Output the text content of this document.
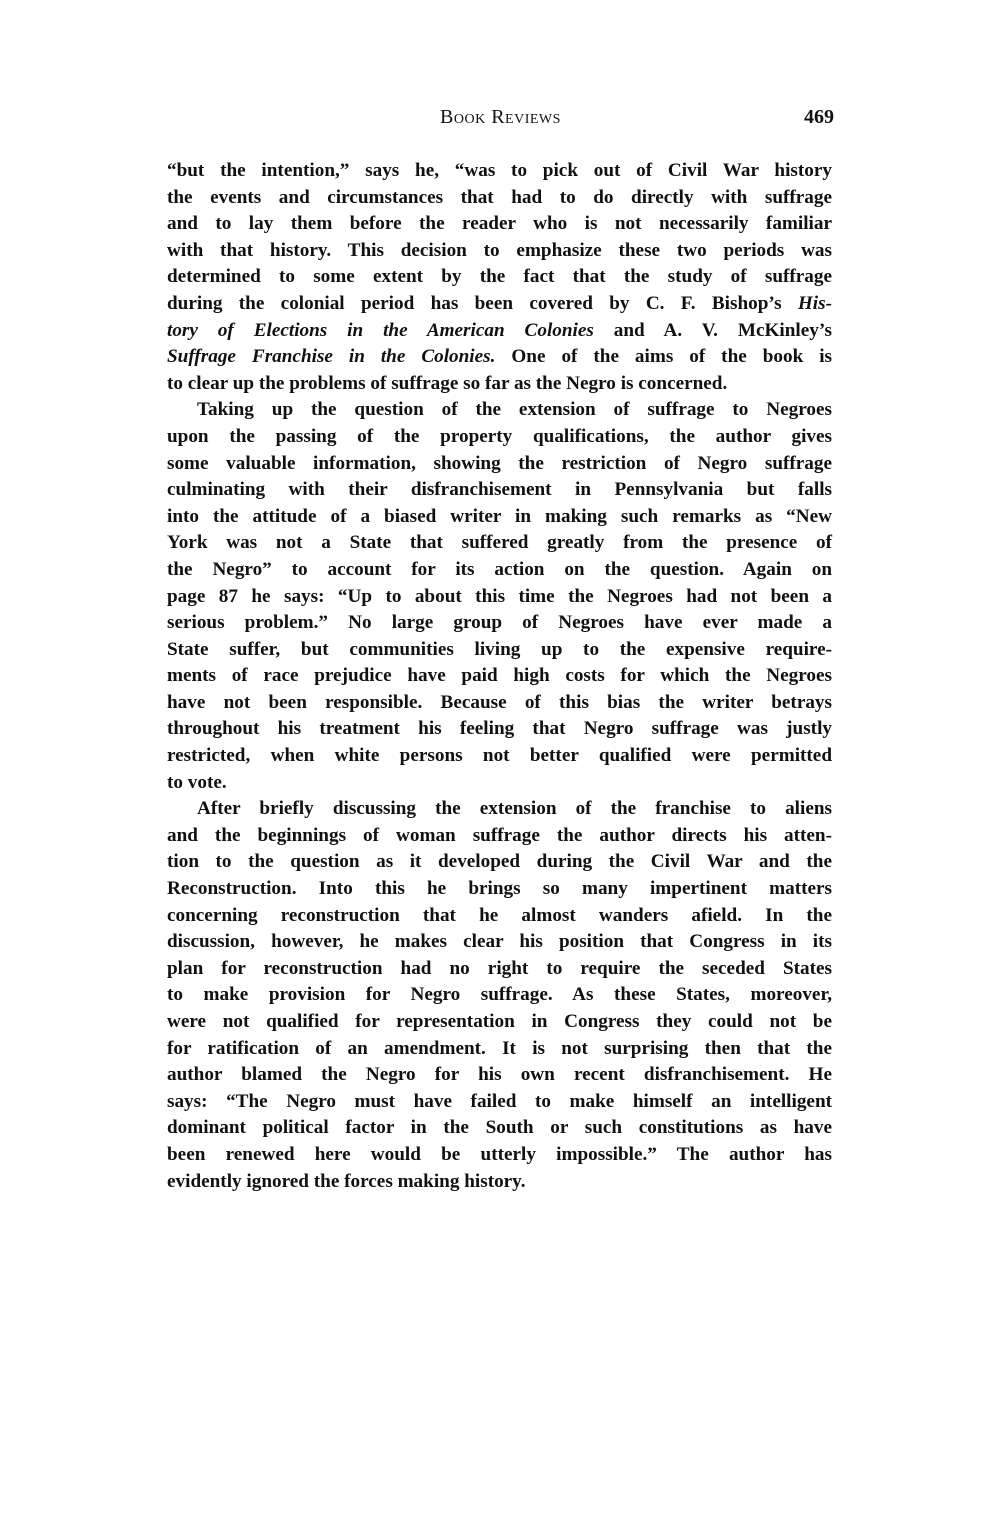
Book Reviews	469
“but the intention,” says he, “was to pick out of Civil War history
the events and circumstances that had to do directly with suffrage
and to lay them before the reader who is not necessarily familiar
with that history. This decision to emphasize these two periods was
determined to some extent by the fact that the study of suffrage
during the colonial period has been covered by C. F. Bishop’s His-
tory of Elections in the American Colonies and A. V. McKinley’s
Suffrage Franchise in the Colonies. One of the aims of the book is
to clear up the problems of suffrage so far as the Negro is concerned.
Taking up the question of the extension of suffrage to Negroes
upon the passing of the property qualifications, the author gives
some valuable information, showing the restriction of Negro suffrage
culminating with their disfranchisement in Pennsylvania but falls
into the attitude of a biased writer in making such remarks as “New
York was not a State that suffered greatly from the presence of
the Negro” to account for its action on the question. Again on
page 87 he says: “Up to about this time the Negroes had not been a
serious problem.” No large group of Negroes have ever made a
State suffer, but communities living up to the expensive require-
ments of race prejudice have paid high costs for which the Negroes
have not been responsible. Because of this bias the writer betrays
throughout his treatment his feeling that Negro suffrage was justly
restricted, when white persons not better qualified were permitted
to vote.
After briefly discussing the extension of the franchise to aliens
and the beginnings of woman suffrage the author directs his atten-
tion to the question as it developed during the Civil War and the
Reconstruction. Into this he brings so many impertinent matters
concerning reconstruction that he almost wanders afield. In the
discussion, however, he makes clear his position that Congress in its
plan for reconstruction had no right to require the seceded States
to make provision for Negro suffrage. As these States, moreover,
were not qualified for representation in Congress they could not be
for ratification of an amendment. It is not surprising then that the
author blamed the Negro for his own recent disfranchisement. He
says: “The Negro must have failed to make himself an intelligent
dominant political factor in the South or such constitutions as have
been renewed here would be utterly impossible.” The author has
evidently ignored the forces making history.
